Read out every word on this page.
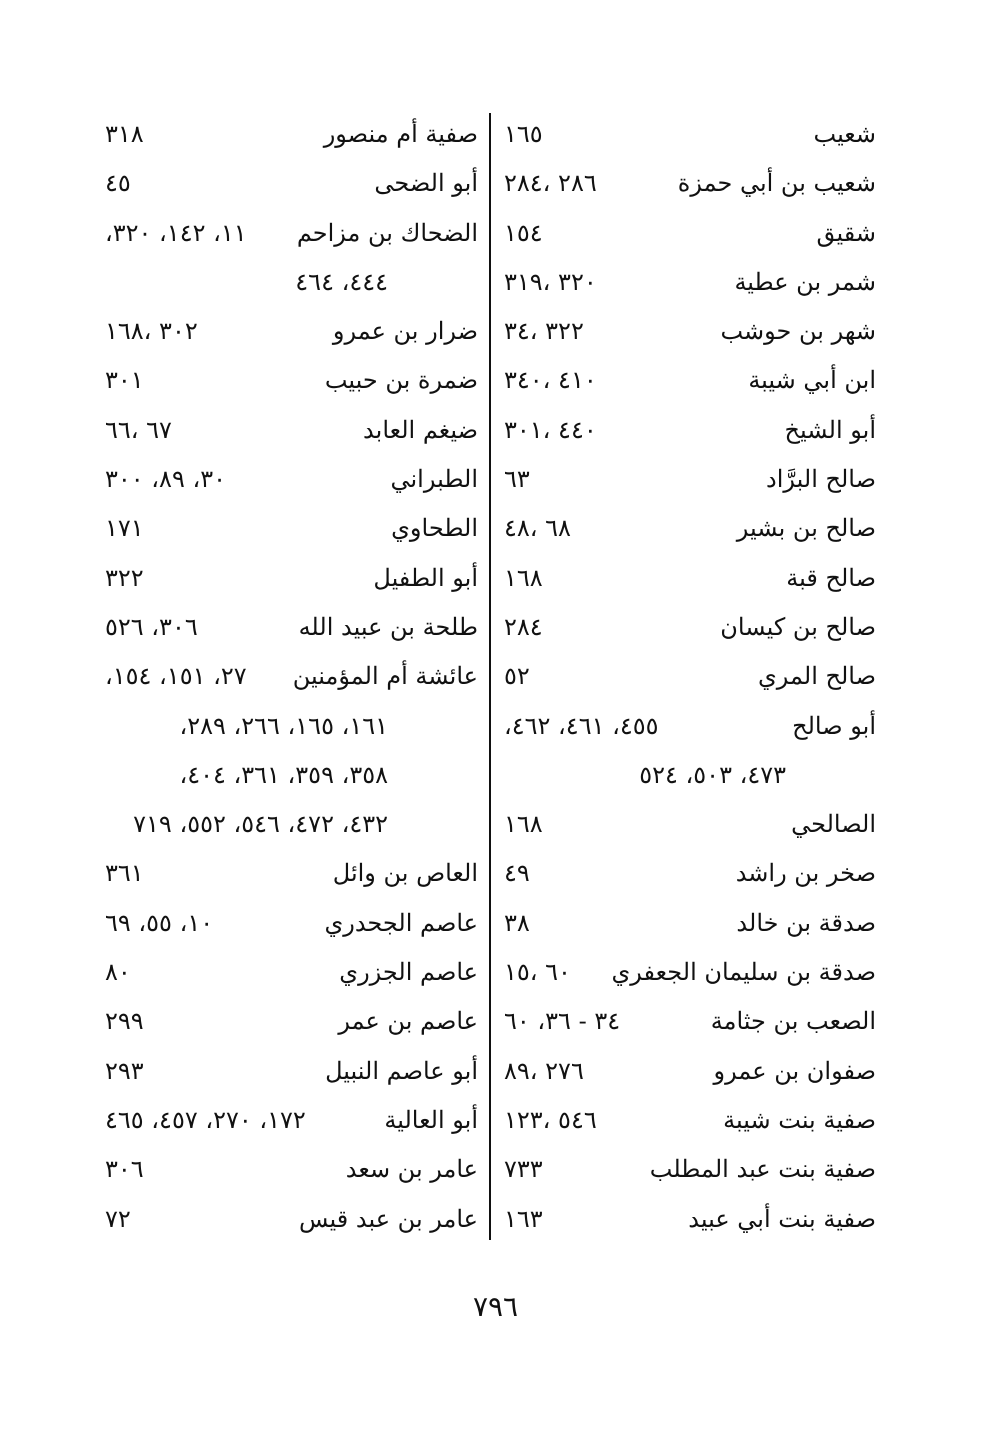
شعيب
١٦٥
شعيب بن أبي حمزة
٢٨٦ ،٢٨٤
شقيق
١٥٤
شمر بن عطية
٣٢٠ ،٣١٩
شهر بن حوشب
٣٢٢ ،٣٤
ابن أبي شيبة
٤١٠ ،٣٤٠
أبو الشيخ
٤٤٠ ،٣٠١
صالح البرَّاد
٦٣
صالح بن بشير
٦٨ ،٤٨
صالح قبة
١٦٨
صالح بن كيسان
٢٨٤
صالح المري
٥٢
أبو صالح
٤٥٥، ٤٦١، ٤٦٢،
٤٧٣، ٥٠٣، ٥٢٤
الصالحي
١٦٨
صخر بن راشد
٤٩
صدقة بن خالد
٣٨
صدقة بن سليمان الجعفري
٦٠ ،١٥
الصعب بن جثامة
٣٤ - ٣٦، ٦٠
صفوان بن عمرو
٢٧٦ ،٨٩
صفية بنت شيبة
٥٤٦ ،١٢٣
صفية بنت عبد المطلب
٧٣٣
صفية بنت أبي عبيد
١٦٣
صفية أم منصور
٣١٨
أبو الضحى
٤٥
الضحاك بن مزاحم
١١، ١٤٢، ٣٢٠،
٤٤٤، ٤٦٤
ضرار بن عمرو
٣٠٢ ،١٦٨
ضمرة بن حبيب
٣٠١
ضيغم العابد
٦٧ ،٦٦
الطبراني
٣٠، ٨٩، ٣٠٠
الطحاوي
١٧١
أبو الطفيل
٣٢٢
طلحة بن عبيد الله
٣٠٦، ٥٢٦
عائشة أم المؤمنين
٢٧، ١٥١، ١٥٤،
١٦١، ١٦٥، ٢٦٦، ٢٨٩،
٣٥٨، ٣٥٩، ٣٦١، ٤٠٤،
٤٣٢، ٤٧٢، ٥٤٦، ٥٥٢، ٧١٩
العاص بن وائل
٣٦١
عاصم الجحدري
١٠، ٥٥، ٦٩
عاصم الجزري
٨٠
عاصم بن عمر
٢٩٩
أبو عاصم النبيل
٢٩٣
أبو العالية
١٧٢، ٢٧٠، ٤٥٧، ٤٦٥
عامر بن سعد
٣٠٦
عامر بن عبد قيس
٧٢
٧٩٦
